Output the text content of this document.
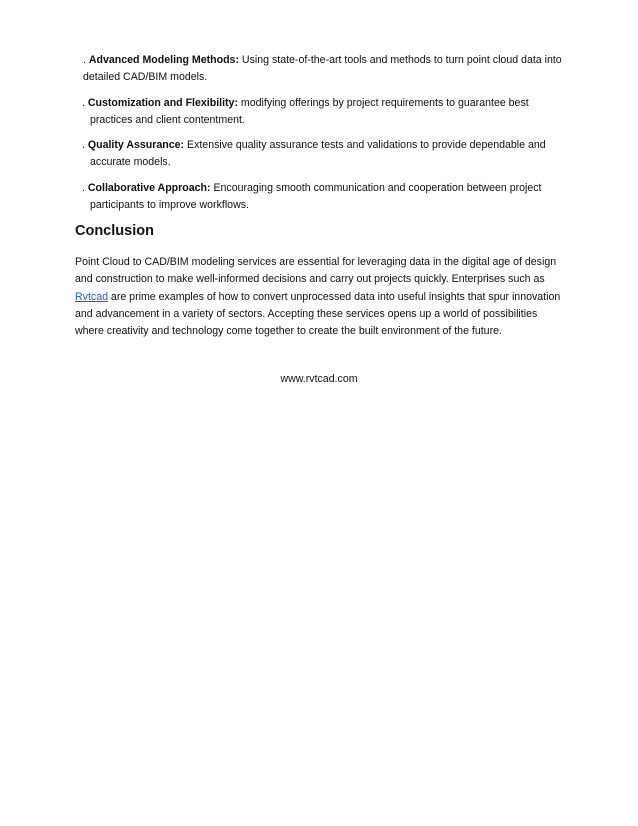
. Advanced Modeling Methods: Using state-of-the-art tools and methods to turn point cloud data into
detailed CAD/BIM models.
. Customization and Flexibility: modifying offerings by project requirements to guarantee best
practices and client contentment.
. Quality Assurance: Extensive quality assurance tests and validations to provide dependable and
accurate models.
. Collaborative Approach: Encouraging smooth communication and cooperation between project
participants to improve workflows.
Conclusion

Point Cloud to CAD/BIM modeling services are essential for leveraging data in the digital age of design
and construction to make well-informed decisions and carry out projects quickly. Enterprises such as
Rvtcad are prime examples of how to convert unprocessed data into useful insights that spur innovation
and advancement in a variety of sectors. Accepting these services opens up a world of possibilities
where creativity and technology come together to create the built environment of the future.

www.rvtcad.com
